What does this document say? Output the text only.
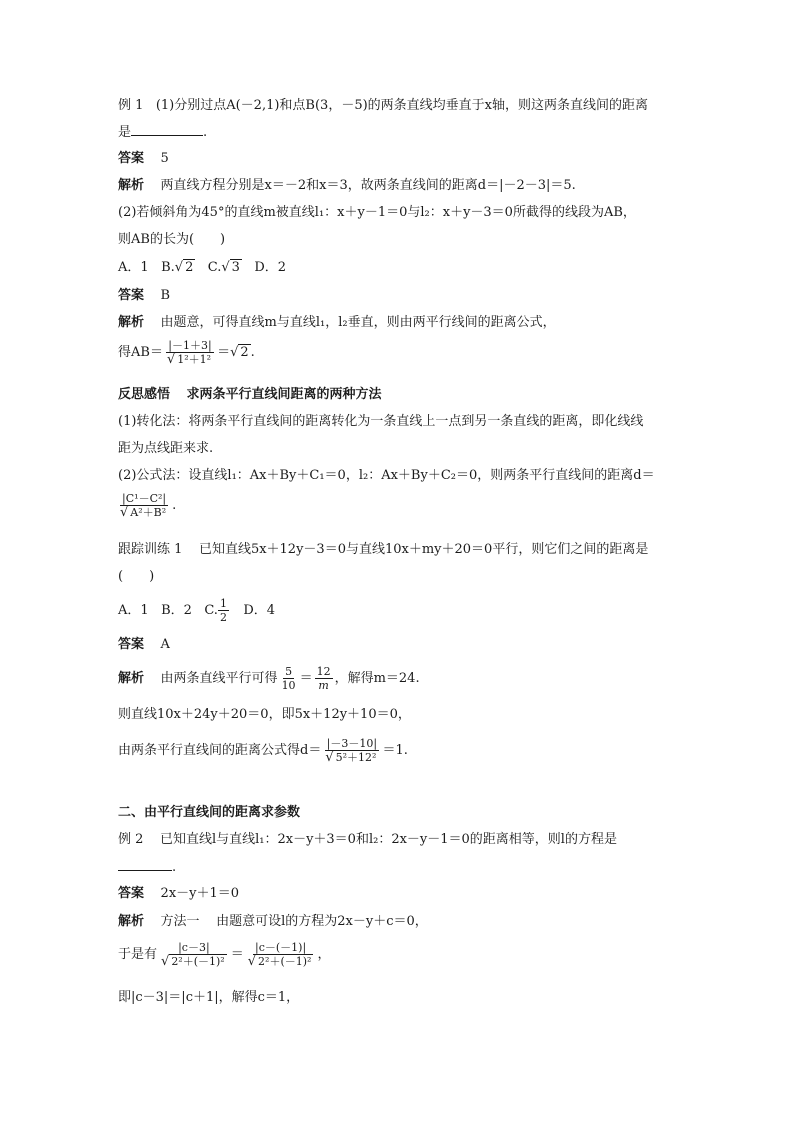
例 1 (1)分别过点A(－2,1)和点B(3，－5)的两条直线均垂直于x轴，则这两条直线间的距离
是	.
答案 5
解析 两直线方程分别是x＝－2和x＝3，故两条直线间的距离d＝|－2－3|＝5.
(2)若倾斜角为45°的直线m被直线l₁：x＋y－1＝0与l₂：x＋y－3＝0所截得的线段为AB，
则AB的长为(　　)
A．1 B.√ 2 C.√ 3 D．2
答案 B
解析 由题意，可得直线m与直线l₁，l₂垂直，则由两平行线间的距离公式，
得$AB= \frac{|-1+3|}{\text{√ 1²＋1²}}$ ＝√ 2 .
反思感悟 求两条平行直线间距离的两种方法
(1)转化法：将两条平行直线间的距离转化为一条直线上一点到另一条直线的距离，即化线线
距为点线距来求.
(2)公式法：设直线l₁：Ax＋By＋C₁＝0，l₂：Ax＋By＋C₂＝0，则两条平行直线间的距离d＝
$\frac{\text{|C¹－C²|}}{\text{√ A²＋B²}}$ .
跟踪训练 1 已知直线5x＋12y－3＝0与直线10x＋my＋20＝0平行，则它们之间的距离是
(　　)
A．1 B．2 C. $\frac{1}{2}$ D．4
答案 A
解析 由两条直线平行可得 $\frac{5}{10} = \frac{12}{m}$ ，解得m＝24.
则直线10x＋24y＋20＝0，即5x＋12y＋10＝0，
由两条平行直线间的距离公式得$d= \frac{|-3-10|}{\text{√ 5²＋12²}} =1$.
二、由平行直线间的距离求参数
例 2 已知直线l与直线l₁：2x－y＋3＝0和l₂：2x－y－1＝0的距离相等，则l的方程是
.
答案 2x－y＋1＝0
解析 方法一 由题意可设l的方程为2x－y＋c＝0，
于是有 $\frac{|c-3|}{\text{√ 2²＋(－1)²}} = \frac{|c-(-1)|}{\text{√ 2²＋(－1)²}}$ ，
即|c－3|＝|c＋1|，解得c＝1，
